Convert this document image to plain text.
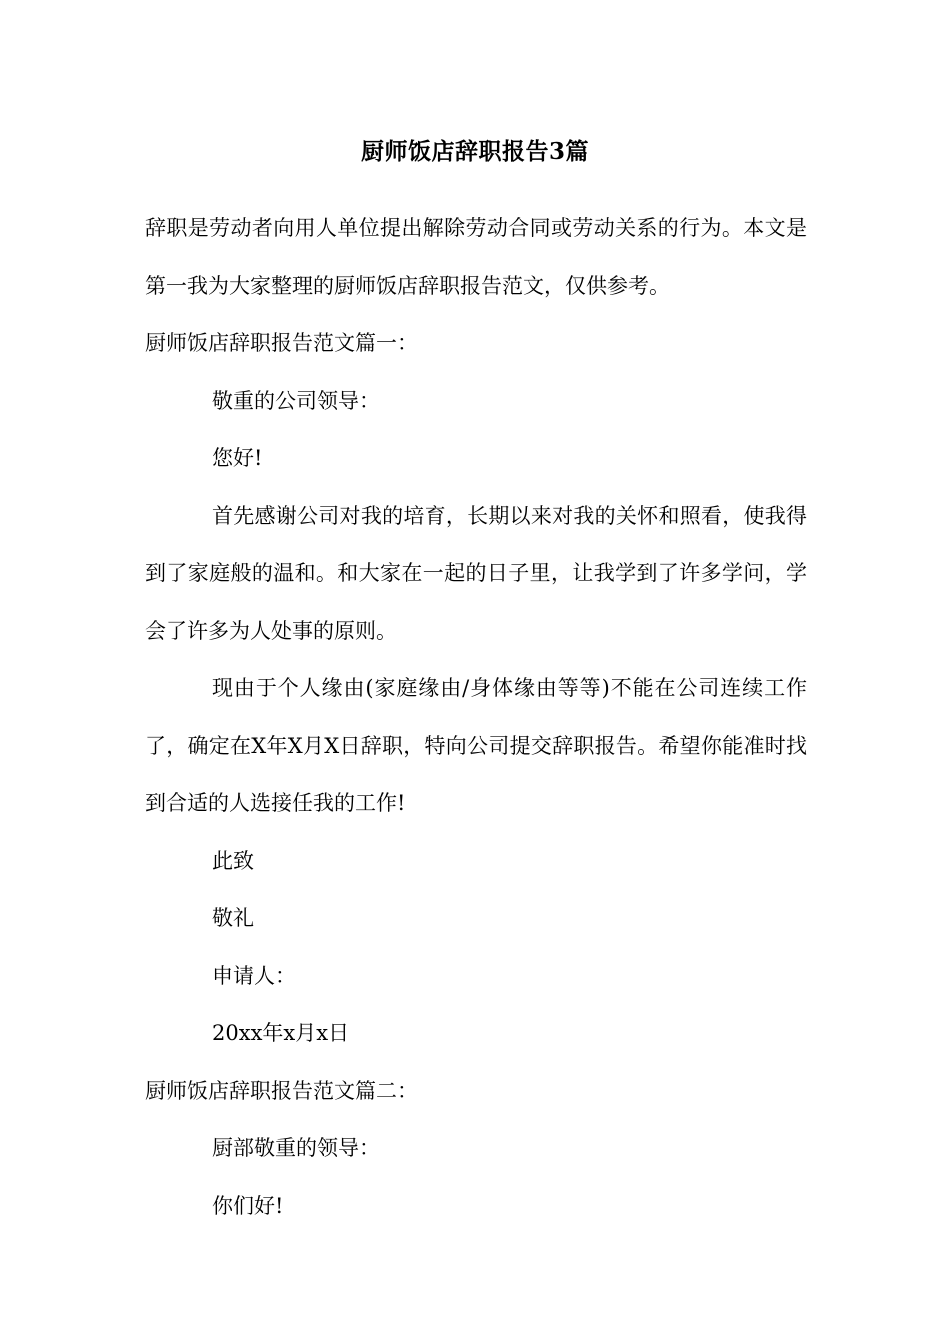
厨师饭店辞职报告3篇

辞职是劳动者向用人单位提出解除劳动合同或劳动关系的行为。本文是第一我为大家整理的厨师饭店辞职报告范文，仅供参考。

厨师饭店辞职报告范文篇一：

敬重的公司领导：

您好!

首先感谢公司对我的培育，长期以来对我的关怀和照看，使我得到了家庭般的温和。和大家在一起的日子里，让我学到了许多学问，学会了许多为人处事的原则。

现由于个人缘由(家庭缘由/身体缘由等等)不能在公司连续工作了，确定在X年X月X日辞职，特向公司提交辞职报告。希望你能准时找到合适的人选接任我的工作!

此致

敬礼

申请人：

20xx年x月x日

厨师饭店辞职报告范文篇二：

厨部敬重的领导：

你们好!
